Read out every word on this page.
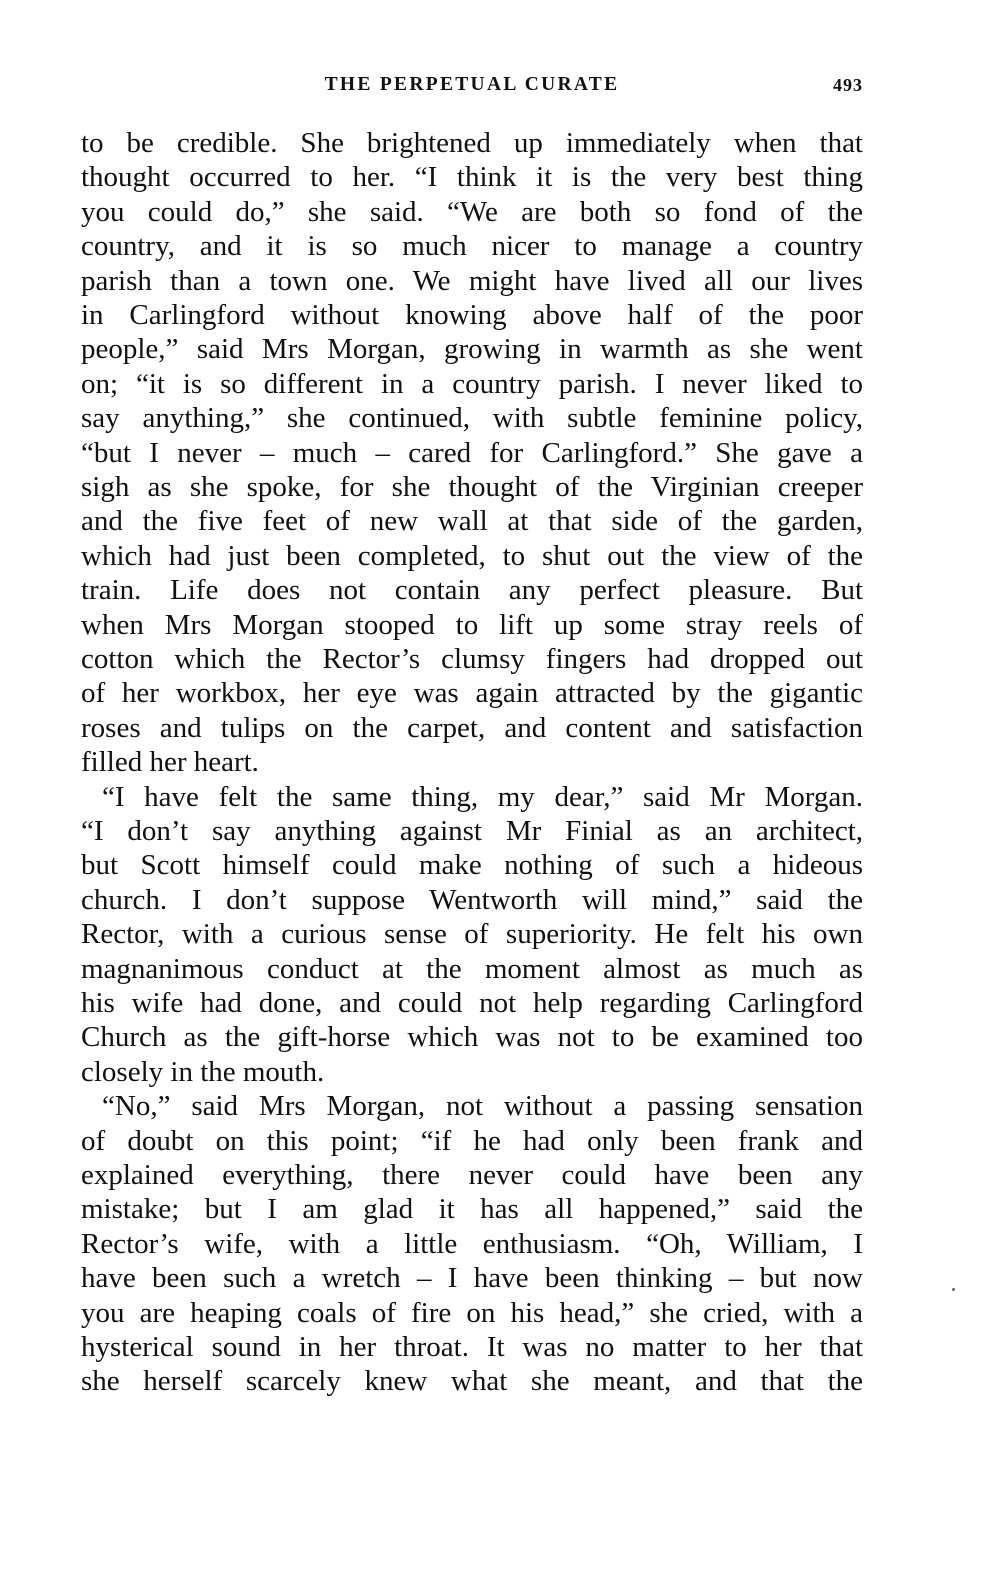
THE PERPETUAL CURATE	493
to be credible. She brightened up immediately when that
thought occurred to her. “I think it is the very best thing
you could do,” she said. “We are both so fond of the
country, and it is so much nicer to manage a country
parish than a town one. We might have lived all our lives
in Carlingford without knowing above half of the poor
people,” said Mrs Morgan, growing in warmth as she went
on; “it is so different in a country parish. I never liked to
say anything,” she continued, with subtle feminine policy,
“but I never – much – cared for Carlingford.” She gave a
sigh as she spoke, for she thought of the Virginian creeper
and the five feet of new wall at that side of the garden,
which had just been completed, to shut out the view of the
train. Life does not contain any perfect pleasure. But
when Mrs Morgan stooped to lift up some stray reels of
cotton which the Rector’s clumsy fingers had dropped out
of her workbox, her eye was again attracted by the gigantic
roses and tulips on the carpet, and content and satisfaction
filled her heart.
“I have felt the same thing, my dear,” said Mr Morgan.
“I don’t say anything against Mr Finial as an architect,
but Scott himself could make nothing of such a hideous
church. I don’t suppose Wentworth will mind,” said the
Rector, with a curious sense of superiority. He felt his own
magnanimous conduct at the moment almost as much as
his wife had done, and could not help regarding Carlingford
Church as the gift-horse which was not to be examined too
closely in the mouth.
“No,” said Mrs Morgan, not without a passing sensation
of doubt on this point; “if he had only been frank and
explained everything, there never could have been any
mistake; but I am glad it has all happened,” said the
Rector’s wife, with a little enthusiasm. “Oh, William, I
have been such a wretch – I have been thinking – but now
you are heaping coals of fire on his head,” she cried, with a
hysterical sound in her throat. It was no matter to her that
she herself scarcely knew what she meant, and that the
